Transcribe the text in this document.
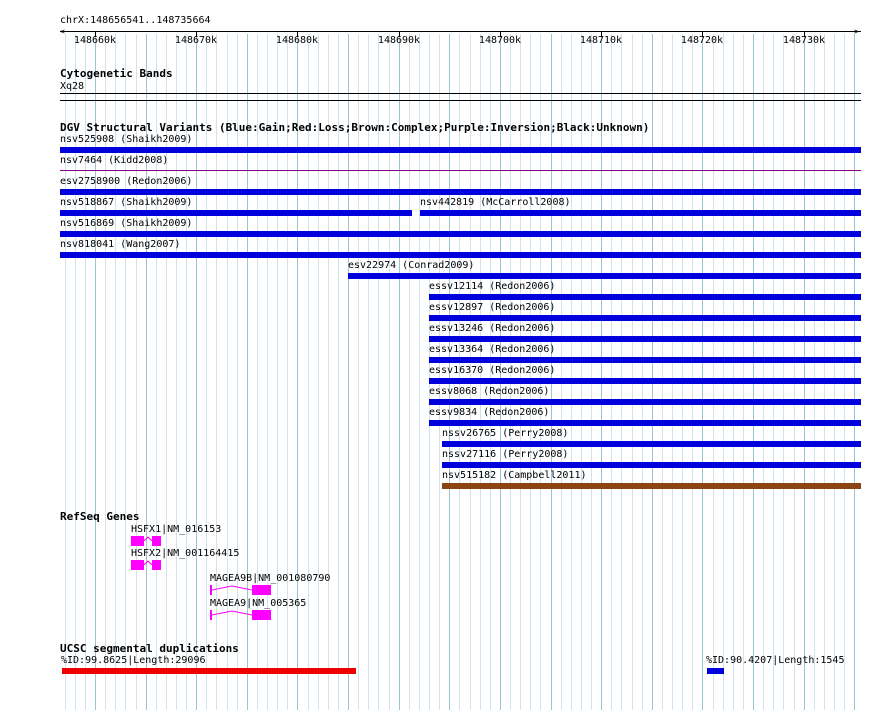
chrX:148656541..148735664
<	>
148660k	148670k	148680k	148690k	148700k	148710k	148720k	148730k
Cytogenetic Bands
Xq28
DGV Structural Variants (Blue:Gain;Red:Loss;Brown:Complex;Purple:Inversion;Black:Unknown)
nsv525908 (Shaikh2009)
nsv7464 (Kidd2008)
esv2758900 (Redon2006)
nsv518867 (Shaikh2009)	nsv442819 (McCarroll2008)
nsv516869 (Shaikh2009)
nsv818041 (Wang2007)
esv22974 (Conrad2009)
essv12114 (Redon2006)
essv12897 (Redon2006)
essv13246 (Redon2006)
essv13364 (Redon2006)
essv16370 (Redon2006)
essv8068 (Redon2006)
essv9834 (Redon2006)
nssv26765 (Perry2008)
nssv27116 (Perry2008)
nsv515182 (Campbell2011)
RefSeq Genes
HSFX1|NM_016153
HSFX2|NM_001164415
MAGEA9B|NM_001080790
MAGEA9|NM_005365
UCSC segmental duplications
%ID:99.8625|Length:29096	%ID:90.4207|Length:1545
